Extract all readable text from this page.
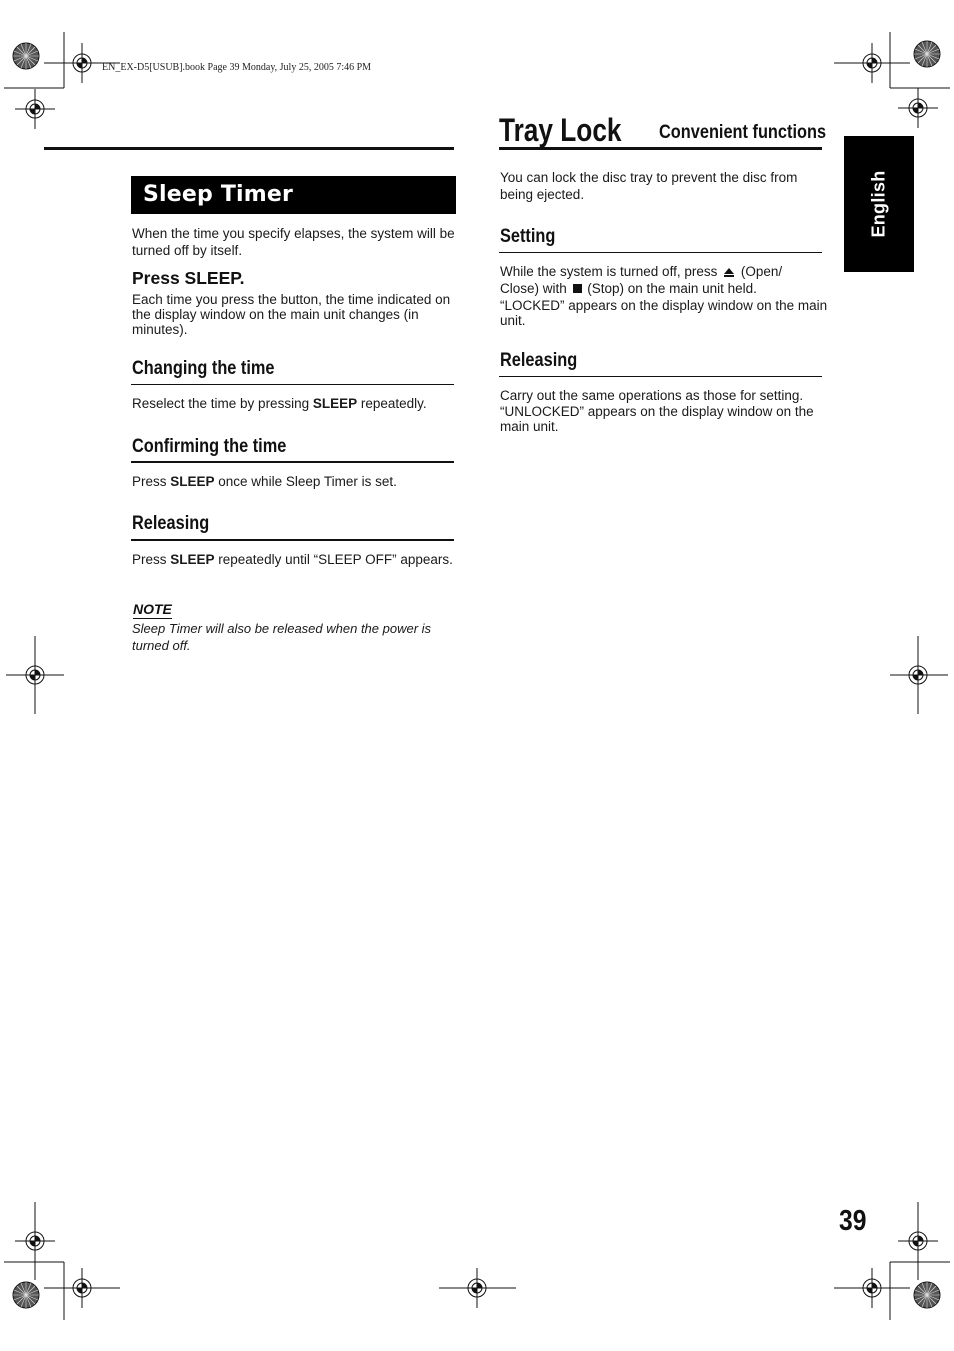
EN_EX-D5[USUB].book Page 39 Monday, July 25, 2005 7:46 PM
Sleep Timer
When the time you specify elapses, the system will be turned off by itself.
Press SLEEP.
Each time you press the button, the time indicated on the display window on the main unit changes (in minutes).
Changing the time
Reselect the time by pressing SLEEP repeatedly.
Confirming the time
Press SLEEP once while Sleep Timer is set.
Releasing
Press SLEEP repeatedly until “SLEEP OFF” appears.
NOTE
Sleep Timer will also be released when the power is turned off.
Tray Lock Convenient functions
You can lock the disc tray to prevent the disc from being ejected.
Setting
While the system is turned off, press  (Open/
Close) with  (Stop) on the main unit held.
“LOCKED” appears on the display window on the main unit.
Releasing
Carry out the same operations as those for setting.
“UNLOCKED” appears on the display window on the main unit.
English
39
